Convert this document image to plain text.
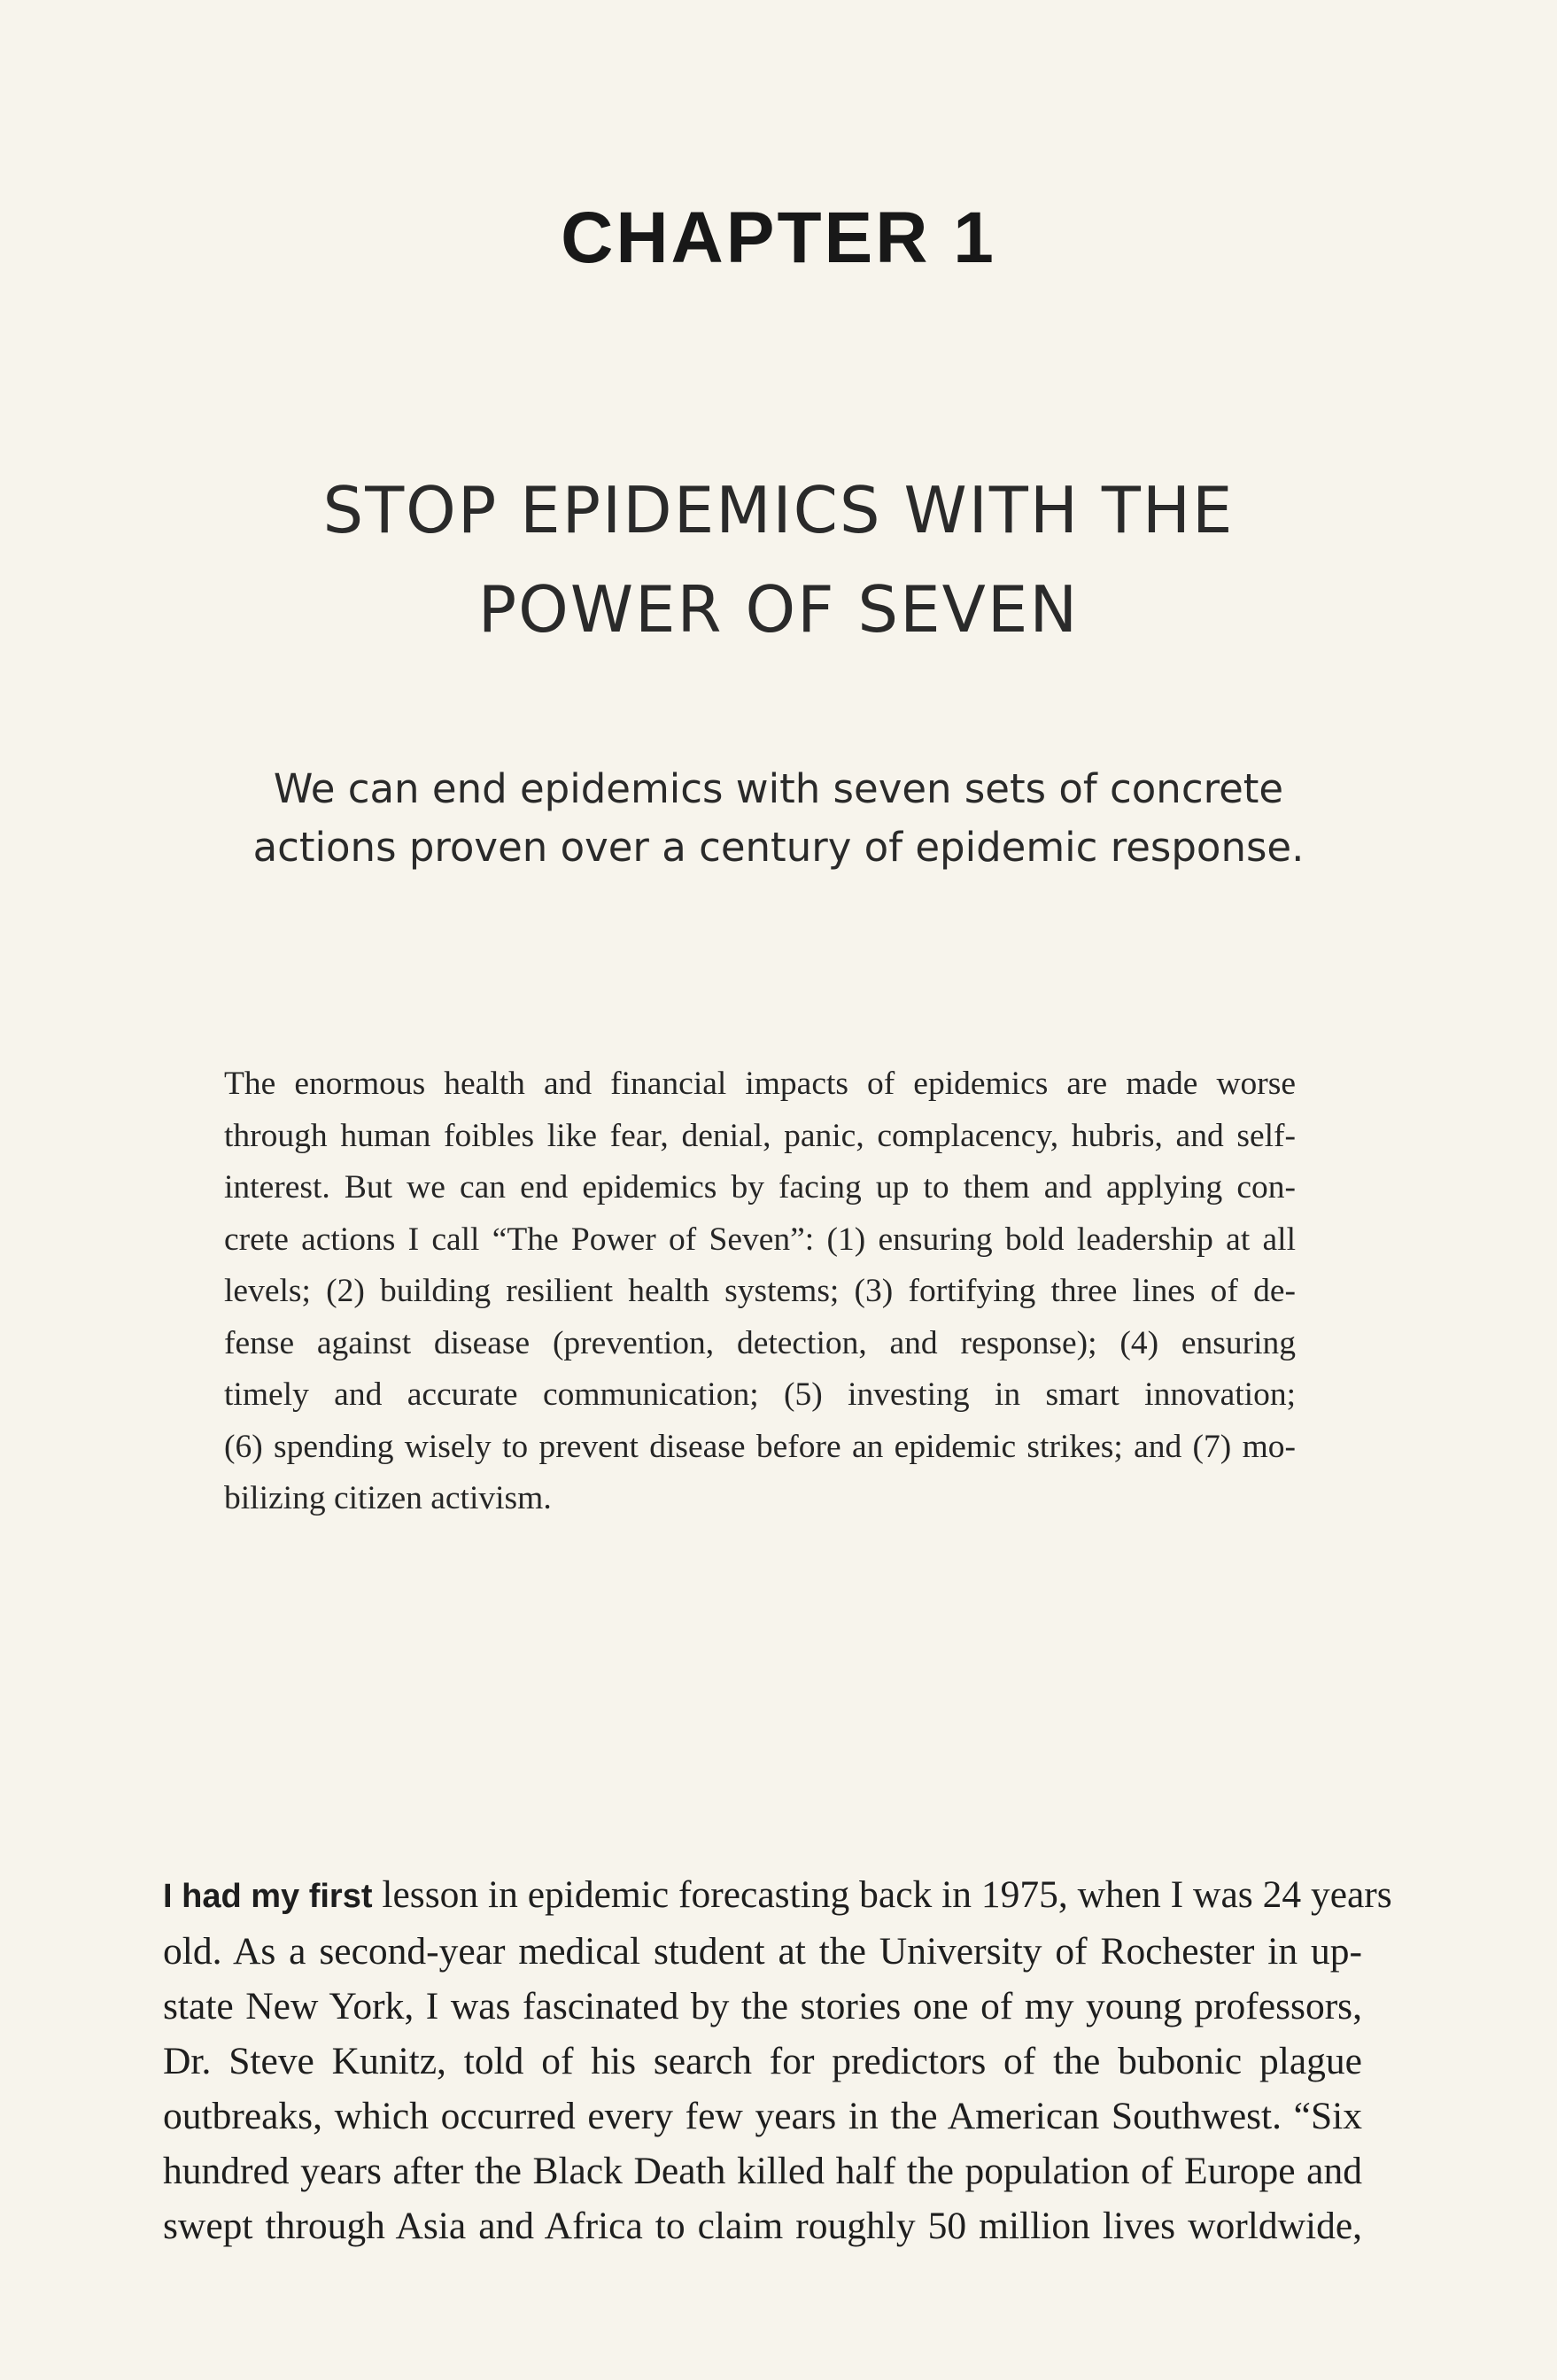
CHAPTER 1
STOP EPIDEMICS WITH THE
POWER OF SEVEN
We can end epidemics with seven sets of concrete
actions proven over a century of epidemic response.
The enormous health and financial impacts of epidemics are made worse
through human foibles like fear, denial, panic, complacency, hubris, and self-
interest. But we can end epidemics by facing up to them and applying con-
crete actions I call “The Power of Seven”: (1) ensuring bold leadership at all
levels; (2) building resilient health systems; (3) fortifying three lines of de-
fense against disease (prevention, detection, and response); (4) ensuring
timely and accurate communication; (5) investing in smart innovation;
(6) spending wisely to prevent disease before an epidemic strikes; and (7) mo-
bilizing citizen activism.
I had my first lesson in epidemic forecasting back in 1975, when I was 24 years
old. As a second-year medical student at the University of Rochester in up-
state New York, I was fascinated by the stories one of my young professors,
Dr. Steve Kunitz, told of his search for predictors of the bubonic plague
outbreaks, which occurred every few years in the American Southwest. “Six
hundred years after the Black Death killed half the population of Europe and
swept through Asia and Africa to claim roughly 50 million lives worldwide,
